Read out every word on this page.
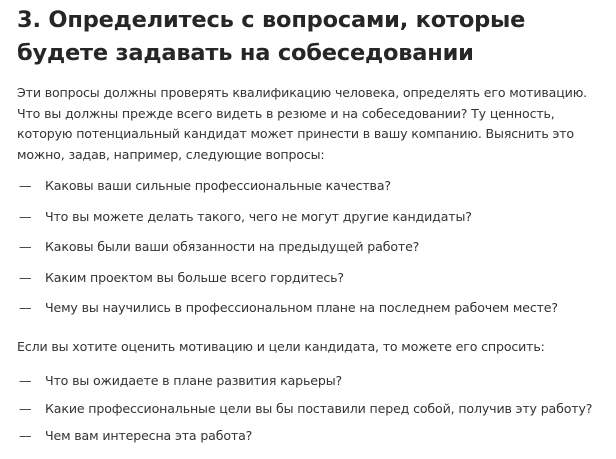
3. Определитесь с вопросами, которые будете задавать на собеседовании

Эти вопросы должны проверять квалификацию человека, определять его мотивацию. Что вы должны прежде всего видеть в резюме и на собеседовании? Ту ценность, которую потенциальный кандидат может принести в вашу компанию. Выяснить это можно, задав, например, следующие вопросы:

—	Каковы ваши сильные профессиональные качества?
—	Что вы можете делать такого, чего не могут другие кандидаты?
—	Каковы были ваши обязанности на предыдущей работе?
—	Каким проектом вы больше всего гордитесь?
—	Чему вы научились в профессиональном плане на последнем рабочем месте?

Если вы хотите оценить мотивацию и цели кандидата, то можете его спросить:

—	Что вы ожидаете в плане развития карьеры?
—	Какие профессиональные цели вы бы поставили перед собой, получив эту работу?
—	Чем вам интересна эта работа?
